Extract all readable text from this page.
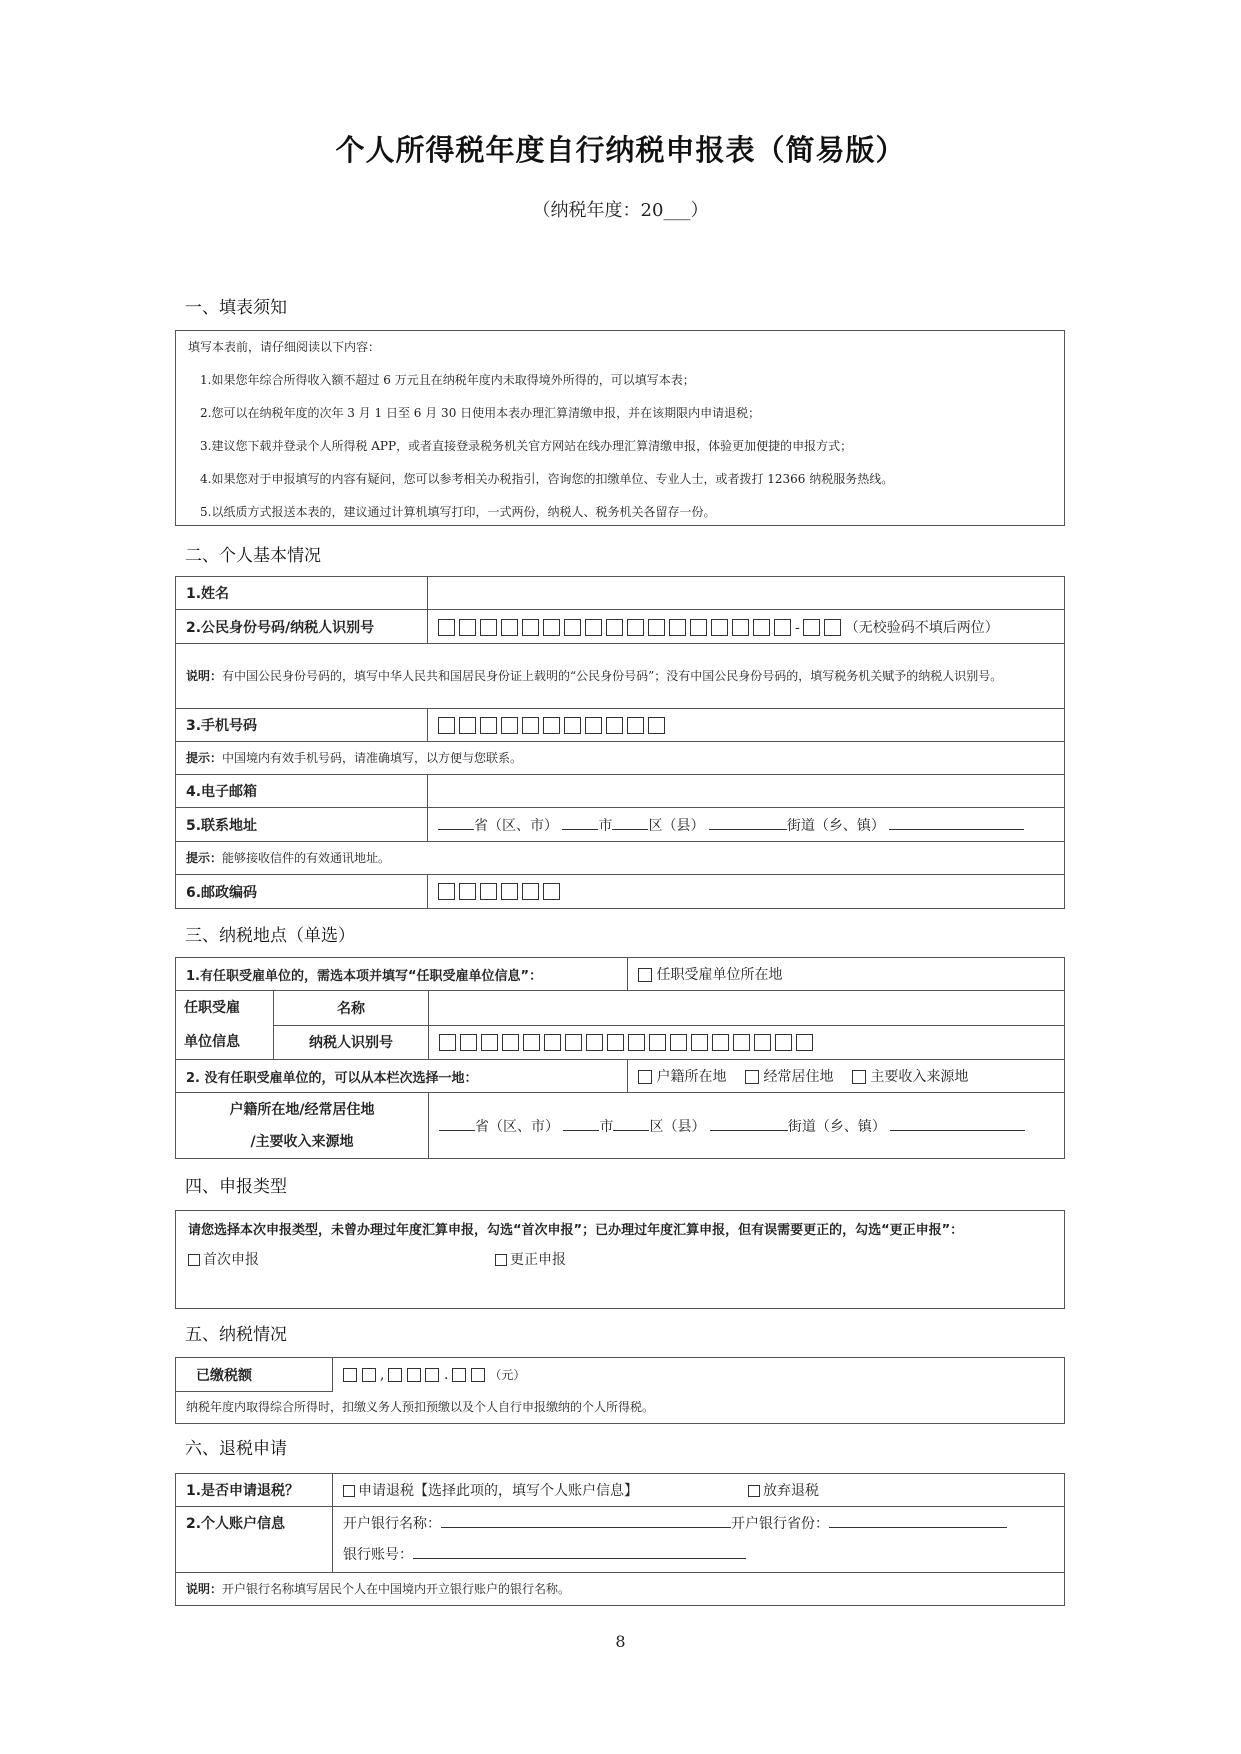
个人所得税年度自行纳税申报表（简易版）
（纳税年度：20___）
一、填表须知

填写本表前，请仔细阅读以下内容：

1.如果您年综合所得收入额不超过 6 万元且在纳税年度内未取得境外所得的，可以填写本表；

2.您可以在纳税年度的次年 3 月 1 日至 6 月 30 日使用本表办理汇算清缴申报，并在该期限内申请退税；

3.建议您下载并登录个人所得税 APP，或者直接登录税务机关官方网站在线办理汇算清缴申报，体验更加便捷的申报方式；

4.如果您对于申报填写的内容有疑问，您可以参考相关办税指引，咨询您的扣缴单位、专业人士，或者拨打 12366 纳税服务热线。

5.以纸质方式报送本表的，建议通过计算机填写打印，一式两份，纳税人、税务机关各留存一份。

二、个人基本情况
1.姓名	
2.公民身份号码/纳税人识别号	- （无校验码不填后两位）
说明：有中国公民身份号码的，填写中华人民共和国居民身份证上载明的“公民身份号码”；没有中国公民身份号码的，填写税务机关赋予的纳税人识别号。	
3.手机号码	
提示：中国境内有效手机号码，请准确填写，以方便与您联系。	
4.电子邮箱	
5.联系地址	省（区、市） 市 区（县） 街道（乡、镇）
提示：能够接收信件的有效通讯地址。	
6.邮政编码	
三、纳税地点（单选）
1.有任职受雇单位的，需选本项并填写“任职受雇单位信息”：			任职受雇单位所在地
任职受雇
单位信息	名称		
	纳税人识别号		
2. 没有任职受雇单位的，可以从本栏次选择一地：			户籍所在地 经常居住地 主要收入来源地
户籍所在地/经常居住地
/主要收入来源地		省（区、市） 市 区（县） 街道（乡、镇）	
四、申报类型
请您选择本次申报类型，未曾办理过年度汇算申报，勾选“首次申报”；已办理过年度汇算申报，但有误需要更正的，勾选“更正申报”：
首次申报	更正申报
五、纳税情况
已缴税额	,	.	（元）
纳税年度内取得综合所得时，扣缴义务人预扣预缴以及个人自行申报缴纳的个人所得税。
六、退税申请
1.是否申请退税？	申请退税【选择此项的，填写个人账户信息】 放弃退税
2.个人账户信息	开户银行名称： 开户银行省份：
银行账号：
说明：开户银行名称填写居民个人在中国境内开立银行账户的银行名称。	
8
